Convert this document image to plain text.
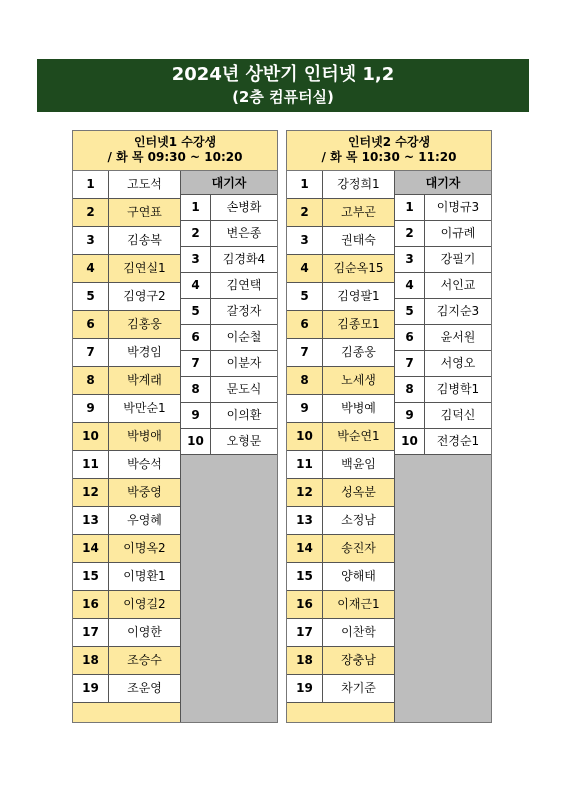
2024년 상반기 인터넷 1,2
(2층 컴퓨터실)
인터넷1 수강생
/ 화 목 09:30 ~ 10:20
1	고도석
2	구연표
3	김송복
4	김연실1
5	김영구2
6	김홍웅
7	박경임
8	박계래
9	박만순1
10	박병애
11	박승석
12	박중영
13	우영혜
14	이명옥2
15	이명환1
16	이영길2
17	이영한
18	조승수
19	조운영
대기자
1	손병화
2	변은종
3	김경화4
4	김연택
5	갈정자
6	이순철
7	이분자
8	문도식
9	이의환
10	오형문
인터넷2 수강생
/ 화 목 10:30 ~ 11:20
1	강정희1
2	고부곤
3	권태숙
4	김순옥15
5	김영팔1
6	김종모1
7	김종웅
8	노세생
9	박병예
10	박순연1
11	백윤임
12	성옥분
13	소정남
14	송진자
15	양해태
16	이재근1
17	이찬학
18	장충남
19	차기준
대기자
1	이명규3
2	이규례
3	강필기
4	서인교
5	김지순3
6	윤서원
7	서영오
8	김병학1
9	김덕신
10	전경순1
